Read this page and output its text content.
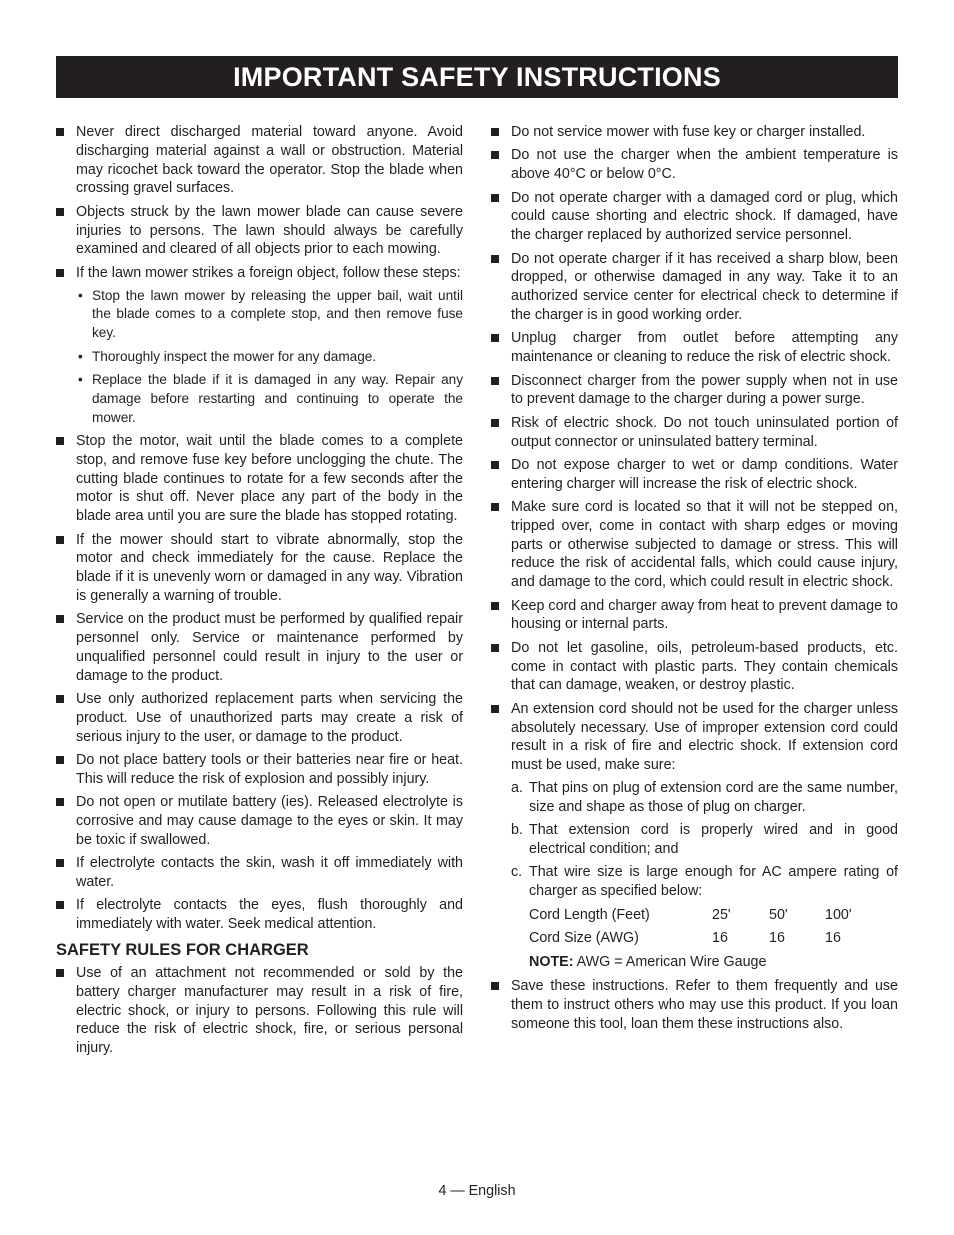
IMPORTANT SAFETY INSTRUCTIONS
Never direct discharged material toward anyone. Avoid discharging material against a wall or obstruction. Material may ricochet back toward the operator. Stop the blade when crossing gravel surfaces.
Objects struck by the lawn mower blade can cause severe injuries to persons. The lawn should always be carefully examined and cleared of all objects prior to each mowing.
If the lawn mower strikes a foreign object, follow these steps:
• Stop the lawn mower by releasing the upper bail, wait until the blade comes to a complete stop, and then remove fuse key.
• Thoroughly inspect the mower for any damage.
• Replace the blade if it is damaged in any way. Repair any damage before restarting and continuing to operate the mower.
Stop the motor, wait until the blade comes to a complete stop, and remove fuse key before unclogging the chute. The cutting blade continues to rotate for a few seconds after the motor is shut off. Never place any part of the body in the blade area until you are sure the blade has stopped rotating.
If the mower should start to vibrate abnormally, stop the motor and check immediately for the cause. Replace the blade if it is unevenly worn or damaged in any way. Vibration is generally a warning of trouble.
Service on the product must be performed by qualified repair personnel only. Service or maintenance performed by unqualified personnel could result in injury to the user or damage to the product.
Use only authorized replacement parts when servicing the product. Use of unauthorized parts may create a risk of serious injury to the user, or damage to the product.
Do not place battery tools or their batteries near fire or heat. This will reduce the risk of explosion and possibly injury.
Do not open or mutilate battery (ies). Released electrolyte is corrosive and may cause damage to the eyes or skin. It may be toxic if swallowed.
If electrolyte contacts the skin, wash it off immediately with water.
If electrolyte contacts the eyes, flush thoroughly and immediately with water. Seek medical attention.
SAFETY RULES FOR CHARGER
Use of an attachment not recommended or sold by the battery charger manufacturer may result in a risk of fire, electric shock, or injury to persons. Following this rule will reduce the risk of electric shock, fire, or serious personal injury.
Do not service mower with fuse key or charger installed.
Do not use the charger when the ambient temperature is above 40°C or below 0°C.
Do not operate charger with a damaged cord or plug, which could cause shorting and electric shock. If damaged, have the charger replaced by authorized service personnel.
Do not operate charger if it has received a sharp blow, been dropped, or otherwise damaged in any way. Take it to an authorized service center for electrical check to determine if the charger is in good working order.
Unplug charger from outlet before attempting any maintenance or cleaning to reduce the risk of electric shock.
Disconnect charger from the power supply when not in use to prevent damage to the charger during a power surge.
Risk of electric shock. Do not touch uninsulated portion of output connector or uninsulated battery terminal.
Do not expose charger to wet or damp conditions. Water entering charger will increase the risk of electric shock.
Make sure cord is located so that it will not be stepped on, tripped over, come in contact with sharp edges or moving parts or otherwise subjected to damage or stress. This will reduce the risk of accidental falls, which could cause injury, and damage to the cord, which could result in electric shock.
Keep cord and charger away from heat to prevent damage to housing or internal parts.
Do not let gasoline, oils, petroleum-based products, etc. come in contact with plastic parts. They contain chemicals that can damage, weaken, or destroy plastic.
An extension cord should not be used for the charger unless absolutely necessary. Use of improper extension cord could result in a risk of fire and electric shock. If extension cord must be used, make sure:
a. That pins on plug of extension cord are the same number, size and shape as those of plug on charger.
b. That extension cord is properly wired and in good electrical condition; and
c. That wire size is large enough for AC ampere rating of charger as specified below:
Cord Length (Feet)	25'	50'	100'
Cord Size (AWG)	16	16	16
NOTE: AWG = American Wire Gauge
Save these instructions. Refer to them frequently and use them to instruct others who may use this product. If you loan someone this tool, loan them these instructions also.
4 — English
